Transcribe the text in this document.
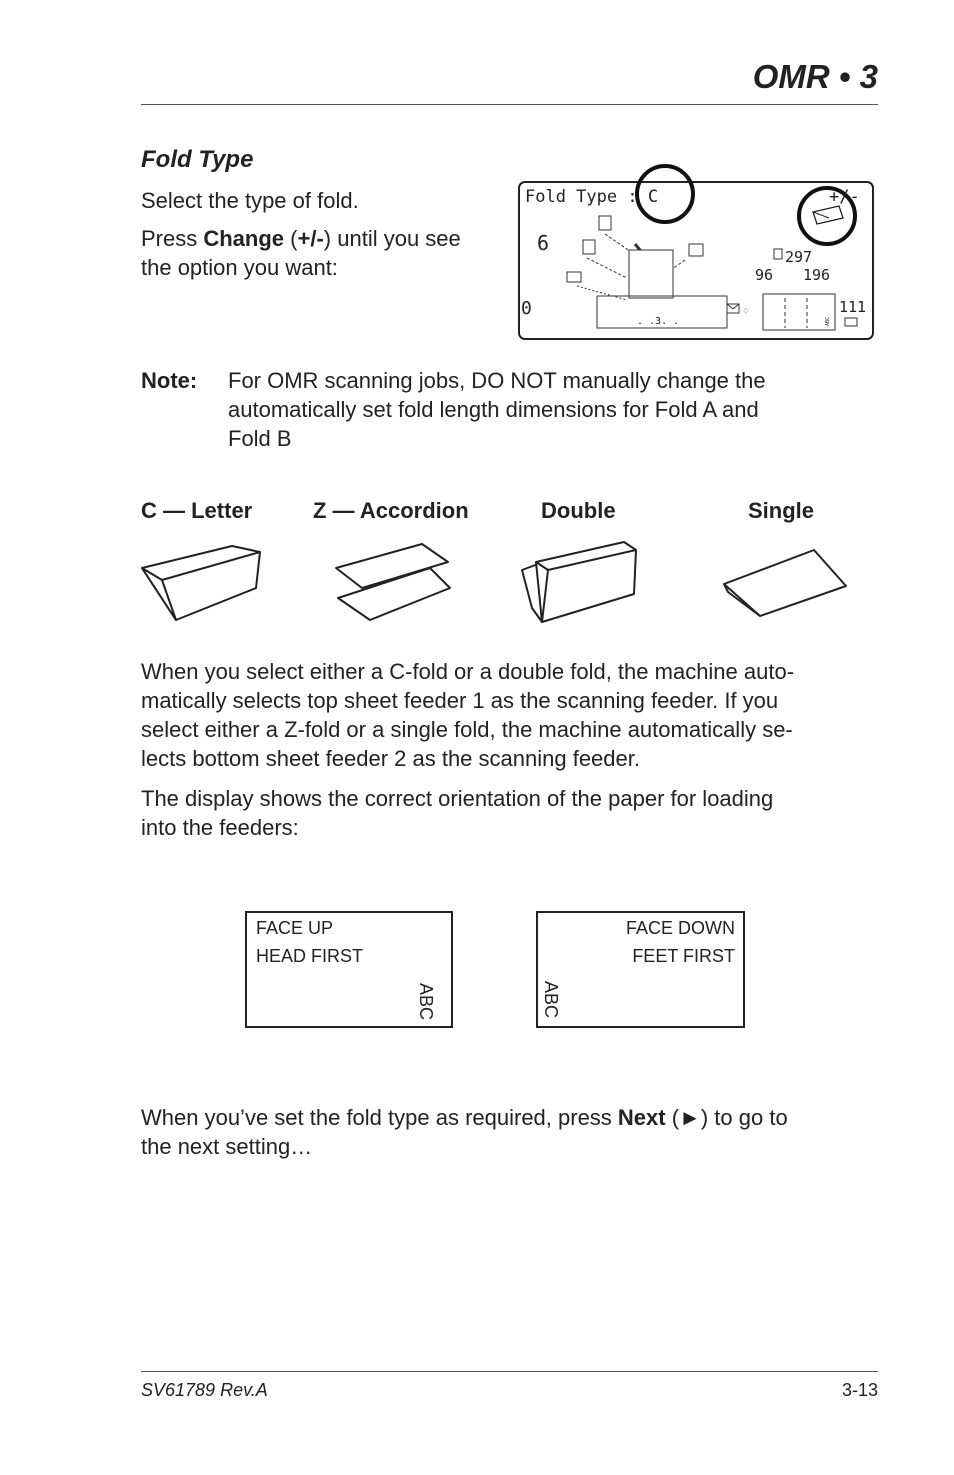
OMR • 3
Fold Type
Select the type of fold.
Press Change (+/-) until you see
the option you want:
Fold Type : C	+/-
6
0
. .3. .
♢
297
96 196
111
ABC
Note: For OMR scanning jobs, DO NOT manually change the
automatically set fold length dimensions for Fold A and
Fold B
C — Letter	Z — Accordion	Double	Single
When you select either a C-fold or a double fold, the machine auto-
matically selects top sheet feeder 1 as the scanning feeder. If you
select either a Z-fold or a single fold, the machine automatically se-
lects bottom sheet feeder 2 as the scanning feeder.
The display shows the correct orientation of the paper for loading
into the feeders:
FACE UP
HEAD FIRST
ABC
FACE DOWN
FEET FIRST
ABC
When you’ve set the fold type as required, press Next (►) to go to
the next setting…
SV61789 Rev.A	3-13
